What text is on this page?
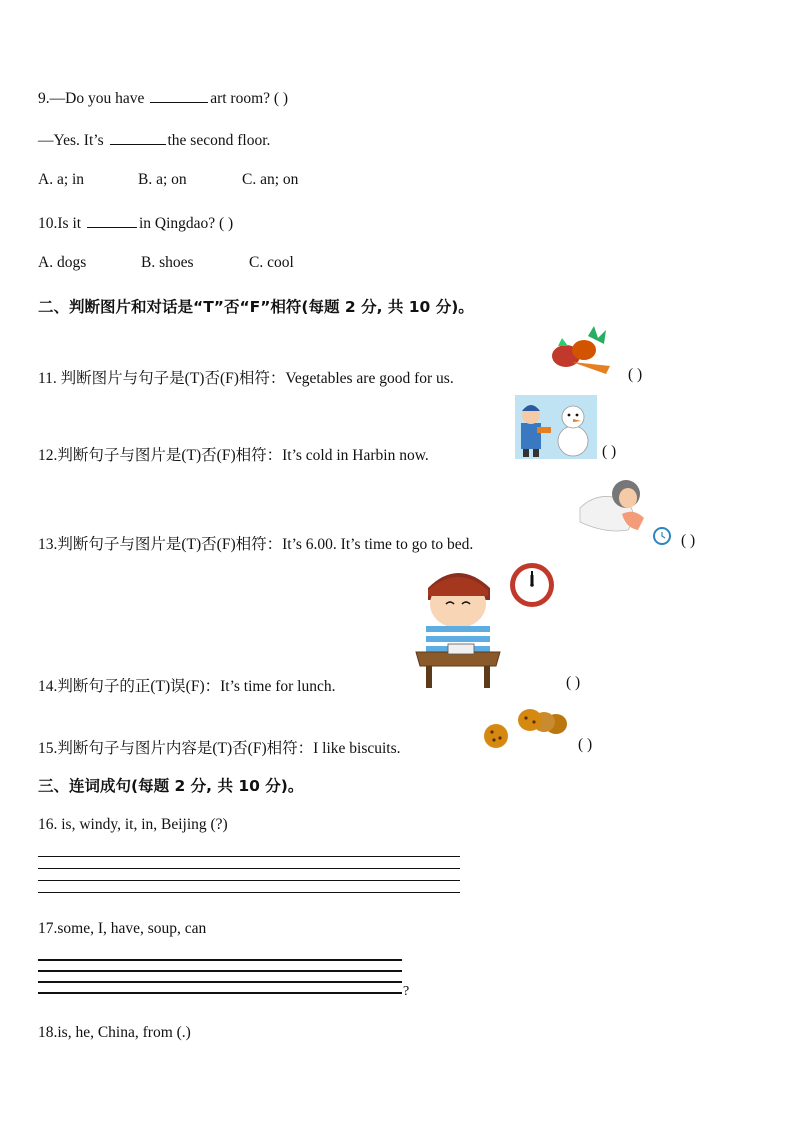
9.—Do you have	art room? ( )
—Yes. It’s	the second floor.
A. a; in	B. a; on	C. an; on
10.Is it	in Qingdao? ( )
A. dogs	B. shoes	C. cool
二、判断图片和对话是“T”否“F”相符(每题 2 分, 共 10 分)。
11. 判断图片与句子是(T)否(F)相符：Vegetables are good for us.	( )
12.判断句子与图片是(T)否(F)相符：It’s cold in Harbin now.	( )
13.判断句子与图片是(T)否(F)相符：It’s 6.00. It’s time to go to bed.	( )
14.判断句子的正(T)误(F)：It’s time for lunch.	( )
15.判断句子与图片内容是(T)否(F)相符：I like biscuits.	( )
三、连词成句(每题 2 分, 共 10 分)。
16. is, windy, it, in, Beijing (?)
17.some, I, have, soup, can
?
18.is, he, China, from (.)
